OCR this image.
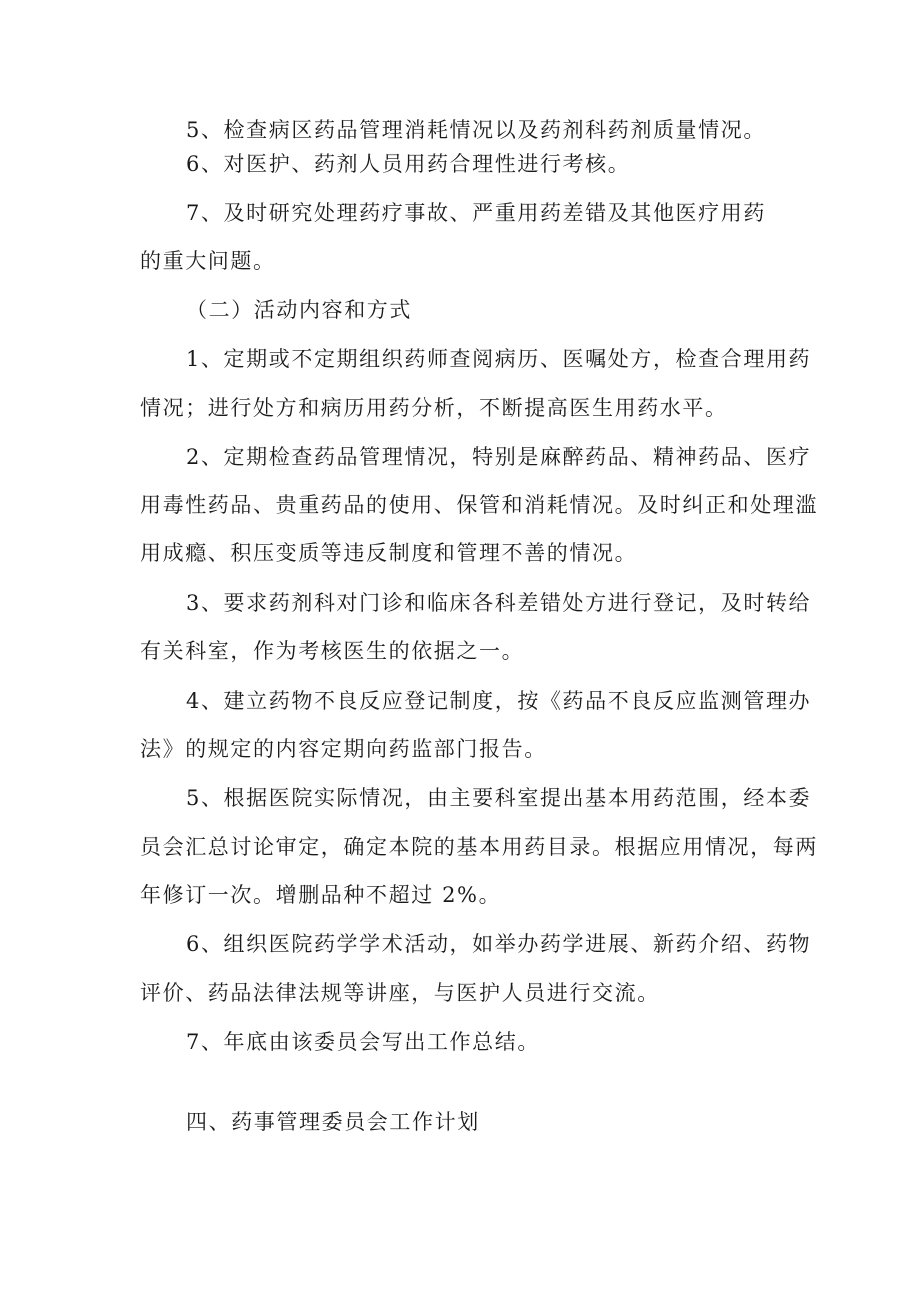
5、检查病区药品管理消耗情况以及药剂科药剂质量情况。
6、对医护、药剂人员用药合理性进行考核。
7、及时研究处理药疗事故、严重用药差错及其他医疗用药
的重大问题。
（二）活动内容和方式
1、定期或不定期组织药师查阅病历、医嘱处方，检查合理用药
情况；进行处方和病历用药分析，不断提高医生用药水平。
2、定期检查药品管理情况，特别是麻醉药品、精神药品、医疗
用毒性药品、贵重药品的使用、保管和消耗情况。及时纠正和处理滥
用成瘾、积压变质等违反制度和管理不善的情况。
3、要求药剂科对门诊和临床各科差错处方进行登记，及时转给
有关科室，作为考核医生的依据之一。
4、建立药物不良反应登记制度，按《药品不良反应监测管理办
法》的规定的内容定期向药监部门报告。
5、根据医院实际情况，由主要科室提出基本用药范围，经本委
员会汇总讨论审定，确定本院的基本用药目录。根据应用情况，每两
年修订一次。增删品种不超过 2%。
6、组织医院药学学术活动，如举办药学进展、新药介绍、药物
评价、药品法律法规等讲座，与医护人员进行交流。
7、年底由该委员会写出工作总结。
四、药事管理委员会工作计划
